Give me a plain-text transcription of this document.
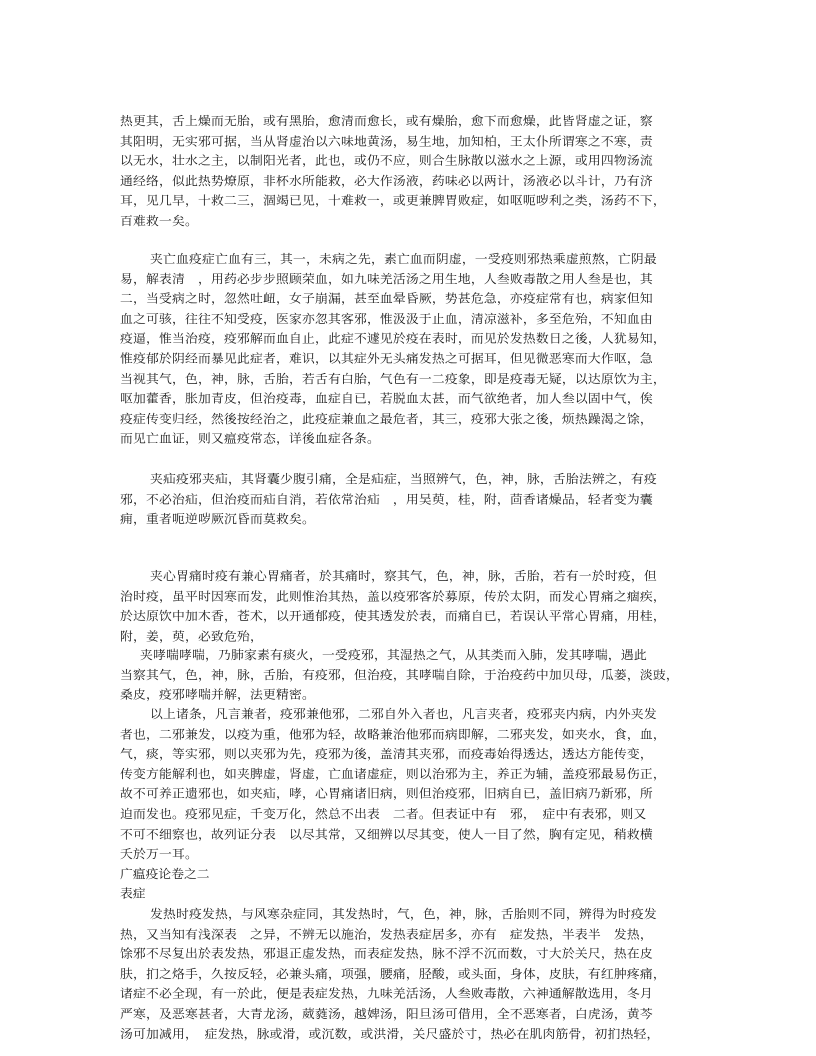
热更其，舌上燥而无胎，或有黑胎，愈清而愈长，或有燥胎，愈下而愈燥，此皆肾虚之证，察
其阳明，无实邪可据，当从肾虚治以六味地黄汤，易生地，加知柏，王太仆所谓寒之不寒，责
以无水，壮水之主，以制阳光者，此也，或仍不应，则合生脉散以滋水之上源，或用四物汤流
通经络，似此热势燎原，非杯水所能救，必大作汤液，药味必以两计，汤液必以斗计，乃有济
耳，见几早，十救二三，涸竭已见，十难救一，或更兼脾胃败症，如呕呃哕利之类，汤药不下，
百难救一矣。
夹亡血疫症亡血有三，其一，未病之先，素亡血而阴虚，一受疫则邪热乘虚煎熬，亡阴最
易，解表清　，用药必步步照顾荣血，如九味羌活汤之用生地，人叁败毒散之用人叁是也，其
二，当受病之时，忽然吐衄，女子崩漏，甚至血晕昏厥，势甚危急，亦疫症常有也，病家但知
血之可骇，往往不知受疫，医家亦忽其客邪，惟汲汲于止血，清凉滋补，多至危殆，不知血由
疫逼，惟当治疫，疫邪解而血自止，此症不遽见於疫在表时，而见於发热数日之後，人犹易知，
惟疫郁於阴经而暴见此症者，难识，以其症外无头痛发热之可据耳，但见微恶寒而大作呕，急
当视其气，色，神，脉，舌胎，若舌有白胎，气色有一二疫象，即是疫毒无疑，以达原饮为主，
呕加藿香，胀加青皮，但治疫毒，血症自已，若脱血太甚，而气欲绝者，加人叁以固中气，俟
疫症传变归经，然後按经治之，此疫症兼血之最危者，其三，疫邪大张之後，烦热躁渴之馀，
而见亡血证，则又瘟疫常态，详後血症各条。
夹疝疫邪夹疝，其肾囊少腹引痛，全是疝症，当照辨气，色，神，脉，舌胎法辨之，有疫
邪，不必治疝，但治疫而疝自消，若依常治疝　，用吴萸，桂，附，茴香诸燥品，轻者变为囊
痈，重者呃逆哕厥沉昏而莫救矣。
夹心胃痛时疫有兼心胃痛者，於其痛时，察其气，色，神，脉，舌胎，若有一於时疫，但
治时疫，虽平时因寒而发，此则惟治其热，盖以疫邪客於募原，传於太阴，而发心胃痛之痼疾，
於达原饮中加木香，苍术，以开通郁疫，使其透发於表，而痛自已，若误认平常心胃痛，用桂，
附，姜，萸，必致危殆，
夹哮喘哮喘，乃肺家素有痰火，一受疫邪，其湿热之气，从其类而入肺，发其哮喘，遇此
当察其气，色，神，脉，舌胎，有疫邪，但治疫，其哮喘自除，于治疫药中加贝母，瓜蒌，淡豉，
桑皮，疫邪哮喘并解，法更精密。
以上诸条，凡言兼者，疫邪兼他邪，二邪自外入者也，凡言夹者，疫邪夹内病，内外夹发
者也，二邪兼发，以疫为重，他邪为轻，故略兼治他邪而病即解，二邪夹发，如夹水，食，血，
气，痰，等实邪，则以夹邪为先，疫邪为後，盖清其夹邪，而疫毒始得透达，透达方能传变，
传变方能解利也，如夹脾虚，肾虚，亡血诸虚症，则以治邪为主，养正为辅，盖疫邪最易伤正，
故不可养正遗邪也，如夹疝，哮，心胃痛诸旧病，则但治疫邪，旧病自已，盖旧病乃新邪，所
迫而发也。疫邪见症，千变万化，然总不出表　二者。但表证中有　邪，　症中有表邪，则又
不可不细察也，故列证分表　以尽其常，又细辨以尽其变，使人一目了然，胸有定见，稍救横
夭於万一耳。
广瘟疫论卷之二
表症
发热时疫发热，与风寒杂症同，其发热时，气，色，神，脉，舌胎则不同，辨得为时疫发
热，又当知有浅深表　之异，不辨无以施治，发热表症居多，亦有　症发热，半表半　发热，
馀邪不尽复出於表发热，邪退正虚发热，而表症发热，脉不浮不沉而数，寸大於关尺，热在皮
肤，扪之烙手，久按反轻，必兼头痛，项强，腰痛，胫酸，或头面，身体，皮肤，有红肿疼痛，
诸症不必全现，有一於此，便是表症发热，九味羌活汤，人叁败毒散，六神通解散选用，冬月
严寒，及恶寒甚者，大青龙汤，葳蕤汤，越婢汤，阳旦汤可借用，全不恶寒者，白虎汤，黄芩
汤可加减用，　症发热，脉或滑，或沉数，或洪滑，关尺盛於寸，热必在肌肉筋骨，初扪热轻，
